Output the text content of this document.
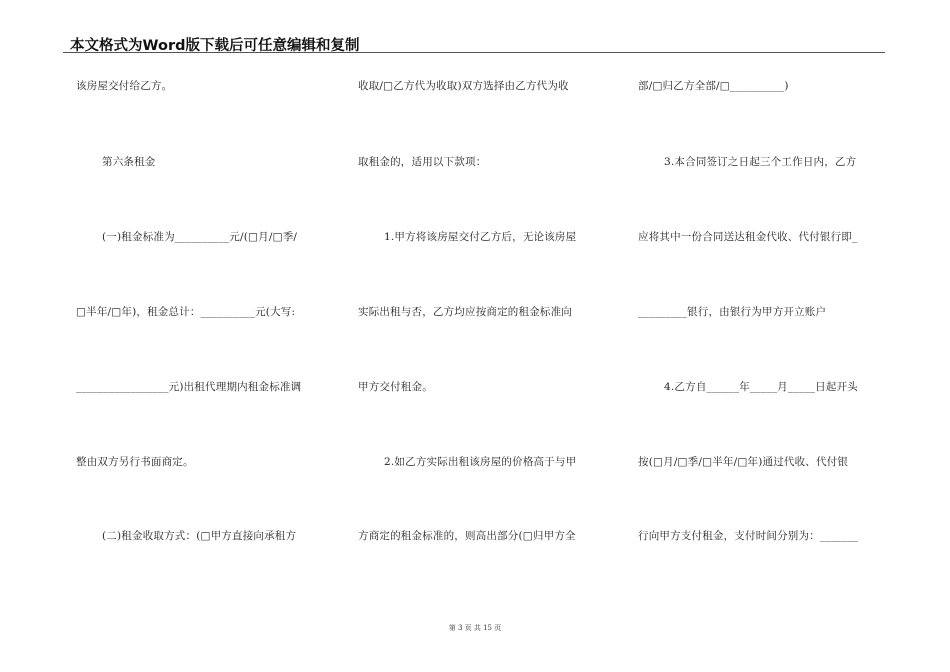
本文格式为Word版下载后可任意编辑和复制
该房屋交付给乙方。
第六条租金
(一)租金标准为__________元/(□月/□季/
□半年/□年)，租金总计：__________元(大写:
_________________元)出租代理期内租金标准调
整由双方另行书面商定。
(二)租金收取方式：(□甲方直接向承租方
收取/□乙方代为收取)双方选择由乙方代为收
取租金的，适用以下款项：
1.甲方将该房屋交付乙方后，无论该房屋
实际出租与否，乙方均应按商定的租金标准向
甲方交付租金。
2.如乙方实际出租该房屋的价格高于与甲
方商定的租金标准的，则高出部分(□归甲方全
部/□归乙方全部/□__________)
3.本合同签订之日起三个工作日内，乙方
应将其中一份合同送达租金代收、代付银行即_
_________银行，由银行为甲方开立账户
4.乙方自______年_____月_____日起开头
按(□月/□季/□半年/□年)通过代收、代付银
行向甲方支付租金，支付时间分别为：_______
第 3 页 共 15 页
